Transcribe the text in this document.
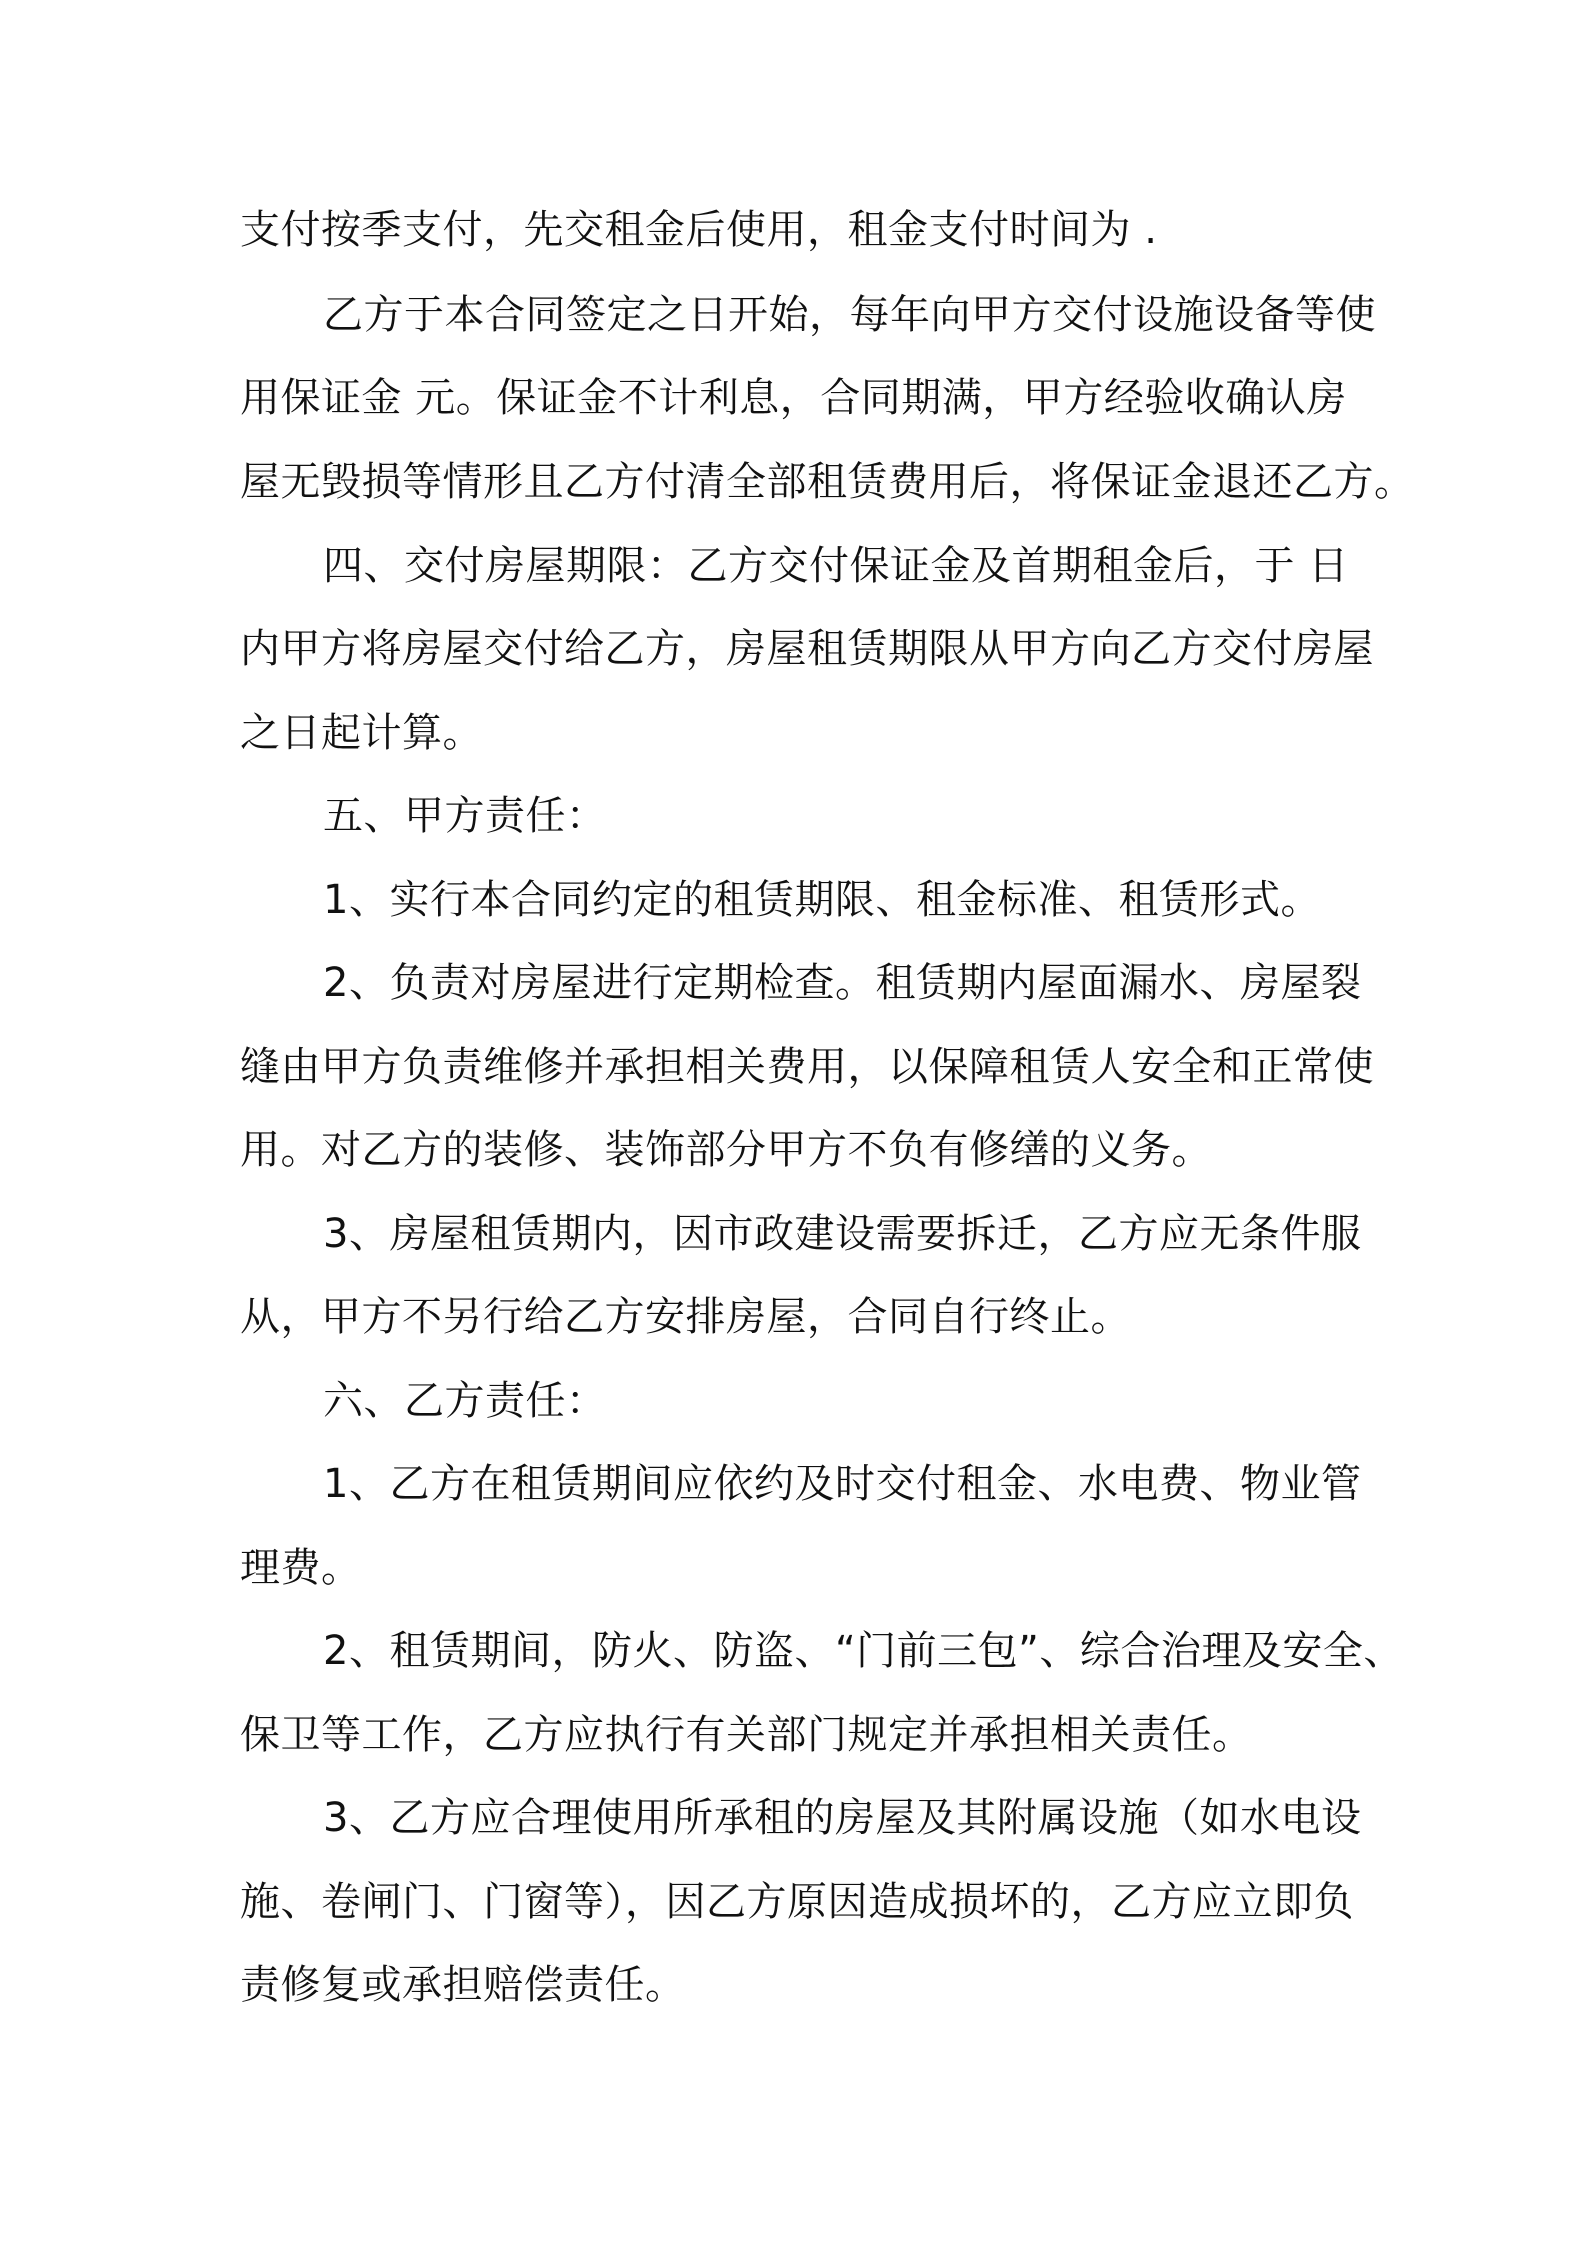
支付按季支付，先交租金后使用，租金支付时间为 .
乙方于本合同签定之日开始，每年向甲方交付设施设备等使
用保证金 元。保证金不计利息，合同期满，甲方经验收确认房
屋无毁损等情形且乙方付清全部租赁费用后，将保证金退还乙方。
四、交付房屋期限：乙方交付保证金及首期租金后，于 日
内甲方将房屋交付给乙方，房屋租赁期限从甲方向乙方交付房屋
之日起计算。
五、甲方责任：
1、实行本合同约定的租赁期限、租金标准、租赁形式。
2、负责对房屋进行定期检查。租赁期内屋面漏水、房屋裂
缝由甲方负责维修并承担相关费用，以保障租赁人安全和正常使
用。对乙方的装修、装饰部分甲方不负有修缮的义务。
3、房屋租赁期内，因市政建设需要拆迁，乙方应无条件服
从，甲方不另行给乙方安排房屋，合同自行终止。
六、乙方责任：
1、乙方在租赁期间应依约及时交付租金、水电费、物业管
理费。
2、租赁期间，防火、防盗、“门前三包”、综合治理及安全、
保卫等工作，乙方应执行有关部门规定并承担相关责任。
3、乙方应合理使用所承租的房屋及其附属设施（如水电设
施、卷闸门、门窗等），因乙方原因造成损坏的，乙方应立即负
责修复或承担赔偿责任。
